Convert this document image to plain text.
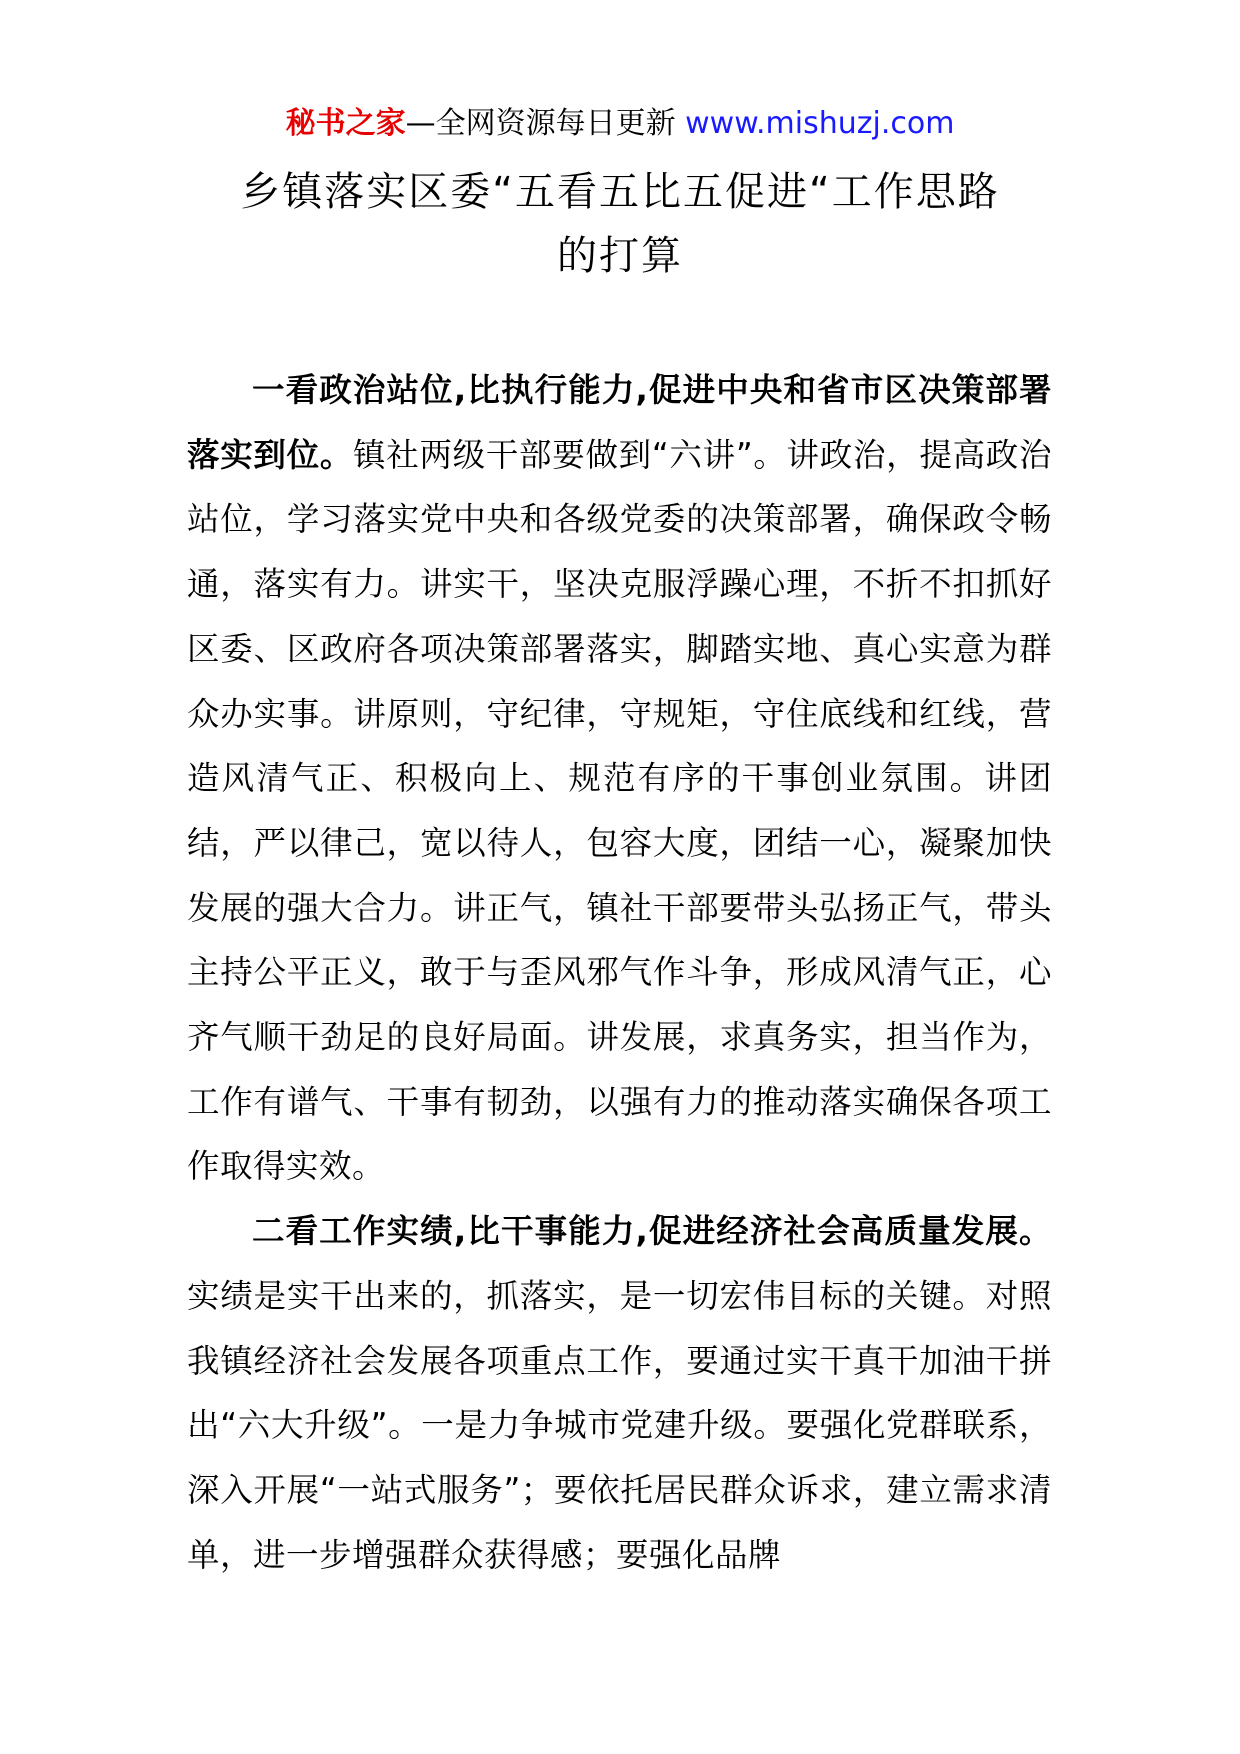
秘书之家—全网资源每日更新 www.mishuzj.com
乡镇落实区委“五看五比五促进“工作思路
的打算

一看政治站位,比执行能力,促进中央和省市区决策部署落实到位。镇社两级干部要做到“六讲”。讲政治，提高政治站位，学习落实党中央和各级党委的决策部署，确保政令畅通，落实有力。讲实干，坚决克服浮躁心理，不折不扣抓好区委、区政府各项决策部署落实，脚踏实地、真心实意为群众办实事。讲原则，守纪律，守规矩，守住底线和红线，营造风清气正、积极向上、规范有序的干事创业氛围。讲团结，严以律己，宽以待人，包容大度，团结一心，凝聚加快发展的强大合力。讲正气，镇社干部要带头弘扬正气，带头主持公平正义，敢于与歪风邪气作斗争，形成风清气正，心齐气顺干劲足的良好局面。讲发展，求真务实，担当作为，工作有谱气、干事有韧劲，以强有力的推动落实确保各项工作取得实效。

二看工作实绩,比干事能力,促进经济社会高质量发展。实绩是实干出来的，抓落实，是一切宏伟目标的关键。对照我镇经济社会发展各项重点工作，要通过实干真干加油干拼出“六大升级”。一是力争城市党建升级。要强化党群联系，深入开展“一站式服务”；要依托居民群众诉求，建立需求清单，进一步增强群众获得感；要强化品牌
